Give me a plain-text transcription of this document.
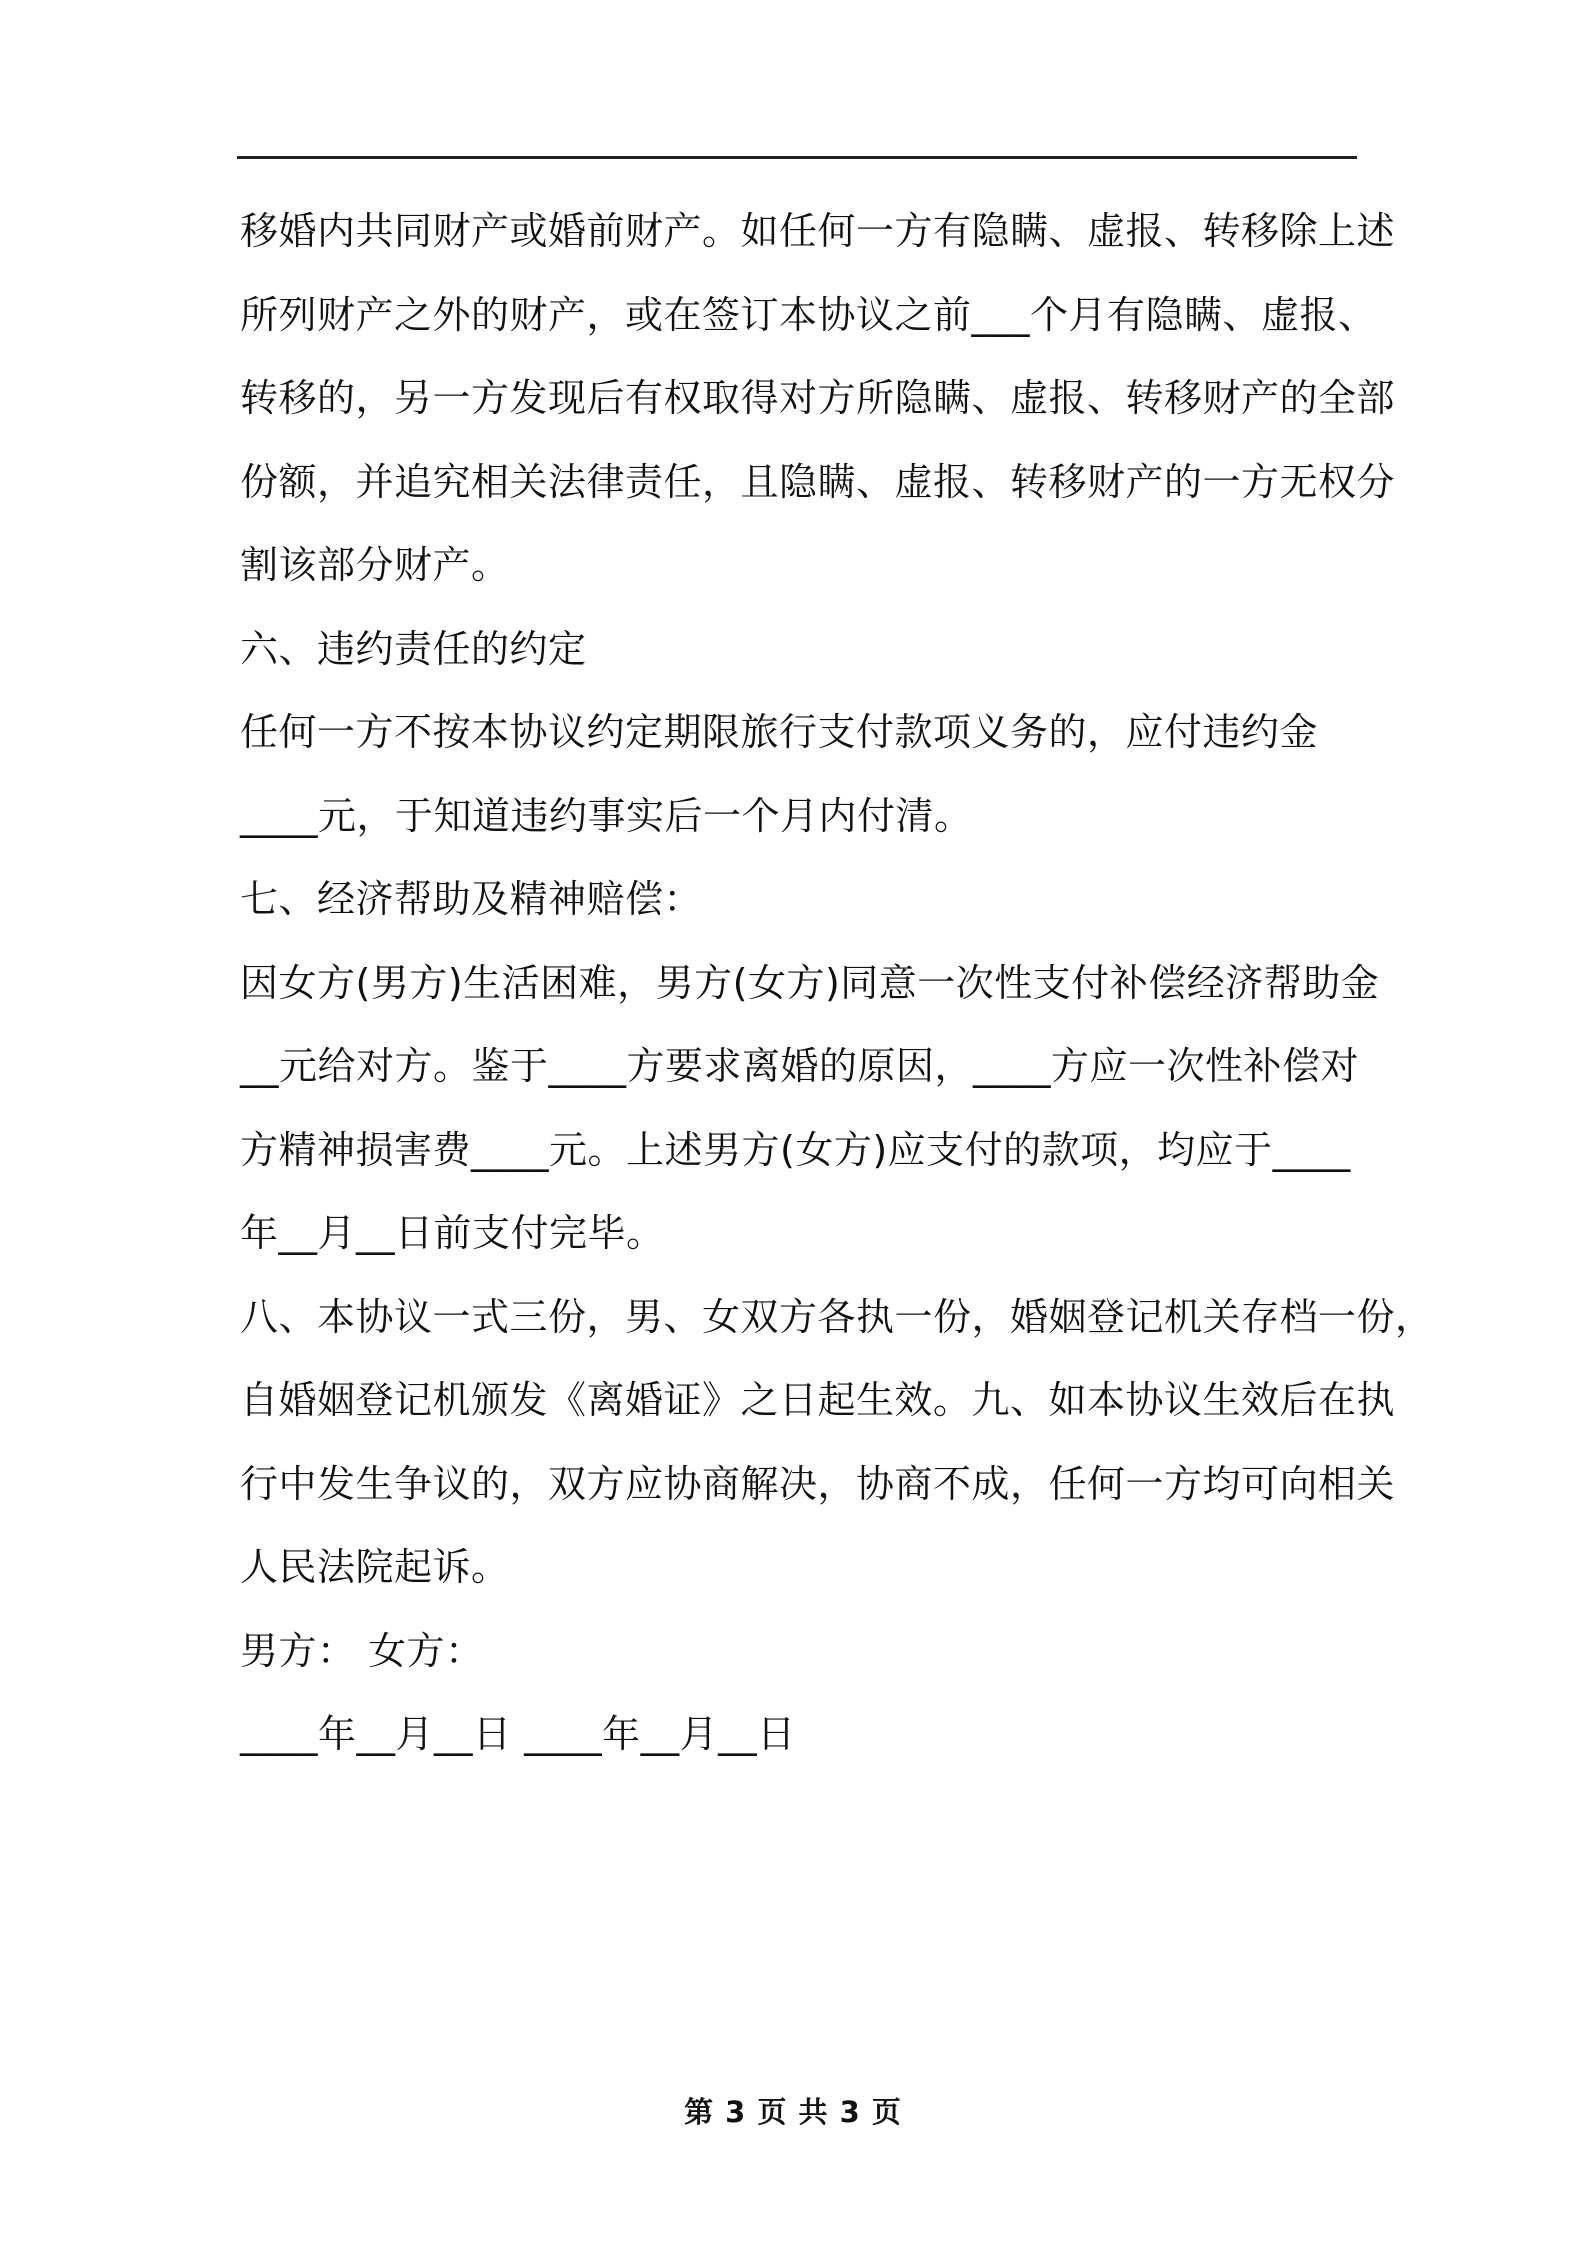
移婚内共同财产或婚前财产。如任何一方有隐瞒、虚报、转移除上述
所列财产之外的财产，或在签订本协议之前___个月有隐瞒、虚报、
转移的，另一方发现后有权取得对方所隐瞒、虚报、转移财产的全部
份额，并追究相关法律责任，且隐瞒、虚报、转移财产的一方无权分
割该部分财产。
六、违约责任的约定
任何一方不按本协议约定期限旅行支付款项义务的，应付违约金
____元，于知道违约事实后一个月内付清。
七、经济帮助及精神赔偿：
因女方(男方)生活困难，男方(女方)同意一次性支付补偿经济帮助金
__元给对方。鉴于____方要求离婚的原因，____方应一次性补偿对
方精神损害费____元。上述男方(女方)应支付的款项，均应于____
年__月__日前支付完毕。
八、本协议一式三份，男、女双方各执一份，婚姻登记机关存档一份，
自婚姻登记机颁发《离婚证》之日起生效。九、如本协议生效后在执
行中发生争议的，双方应协商解决，协商不成，任何一方均可向相关
人民法院起诉。
男方： 女方：
____年__月__日 ____年__月__日
第 3 页 共 3 页
